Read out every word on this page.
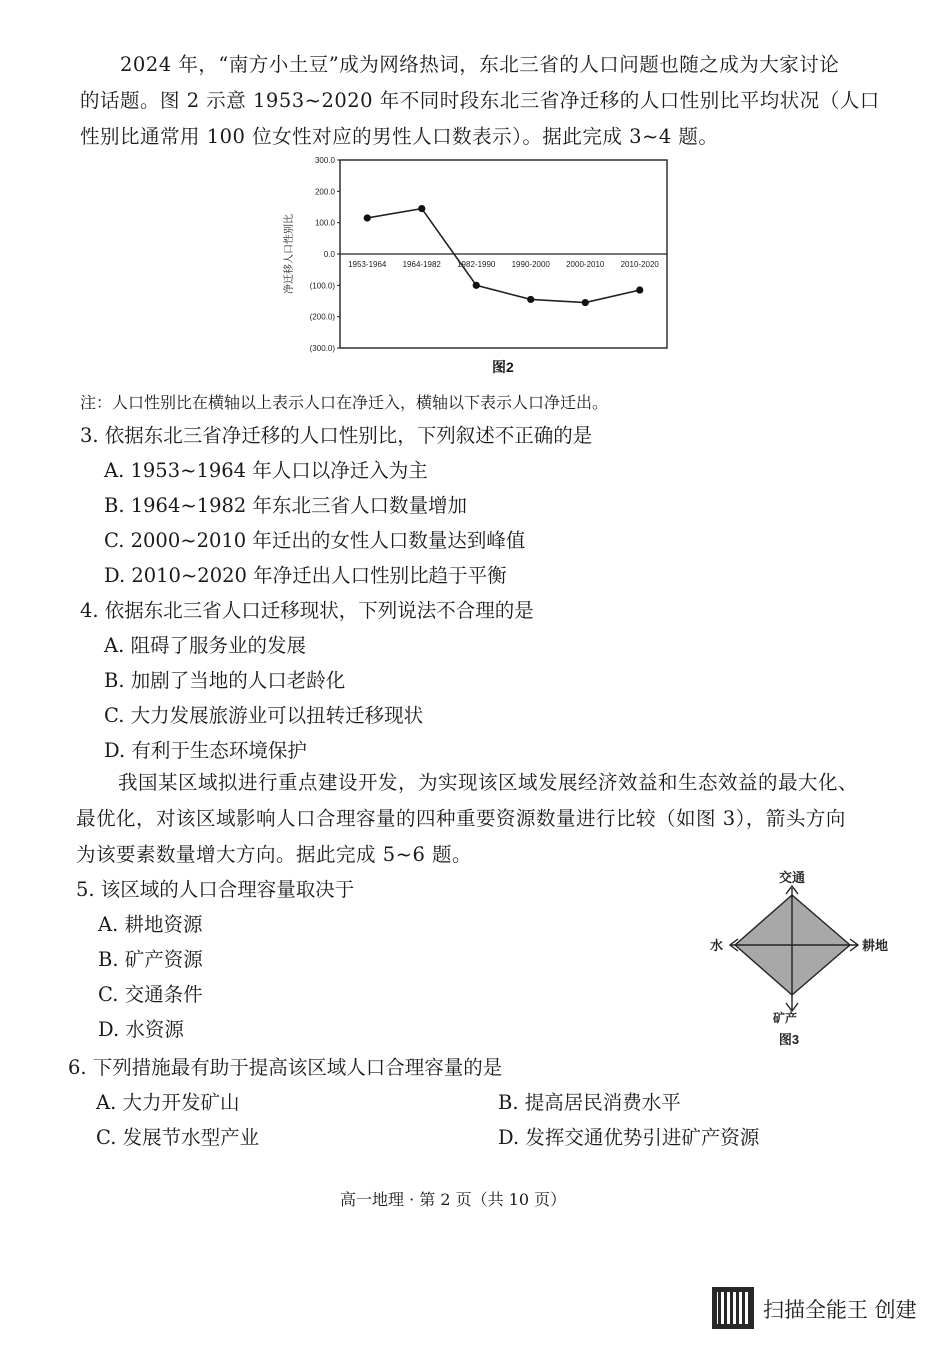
2024 年，“南方小土豆”成为网络热词，东北三省的人口问题也随之成为大家讨论
的话题。图 2 示意 1953~2020 年不同时段东北三省净迁移的人口性别比平均状况（人口
性别比通常用 100 位女性对应的男性人口数表示）。据此完成 3~4 题。
300.0
200.0
100.0
0.0
(100.0)
(200.0)
(300.0)
1953-1964 1964-1982 1982-1990 1990-2000 2000-2010 2010-2020
净迁移人口性别比
图2
注：人口性别比在横轴以上表示人口在净迁入，横轴以下表示人口净迁出。
3. 依据东北三省净迁移的人口性别比，下列叙述不正确的是
A. 1953~1964 年人口以净迁入为主
B. 1964~1982 年东北三省人口数量增加
C. 2000~2010 年迁出的女性人口数量达到峰值
D. 2010~2020 年净迁出人口性别比趋于平衡
4. 依据东北三省人口迁移现状，下列说法不合理的是
A. 阻碍了服务业的发展
B. 加剧了当地的人口老龄化
C. 大力发展旅游业可以扭转迁移现状
D. 有利于生态环境保护
我国某区域拟进行重点建设开发，为实现该区域发展经济效益和生态效益的最大化、
最优化，对该区域影响人口合理容量的四种重要资源数量进行比较（如图 3），箭头方向
为该要素数量增大方向。据此完成 5~6 题。
5. 该区域的人口合理容量取决于
A. 耕地资源
B. 矿产资源
C. 交通条件
D. 水资源
交通
耕地
水
矿产
图3
6. 下列措施最有助于提高该区域人口合理容量的是
A. 大力开发矿山	B. 提高居民消费水平
C. 发展节水型产业	D. 发挥交通优势引进矿产资源
高一地理 · 第 2 页（共 10 页）
扫描全能王 创建
